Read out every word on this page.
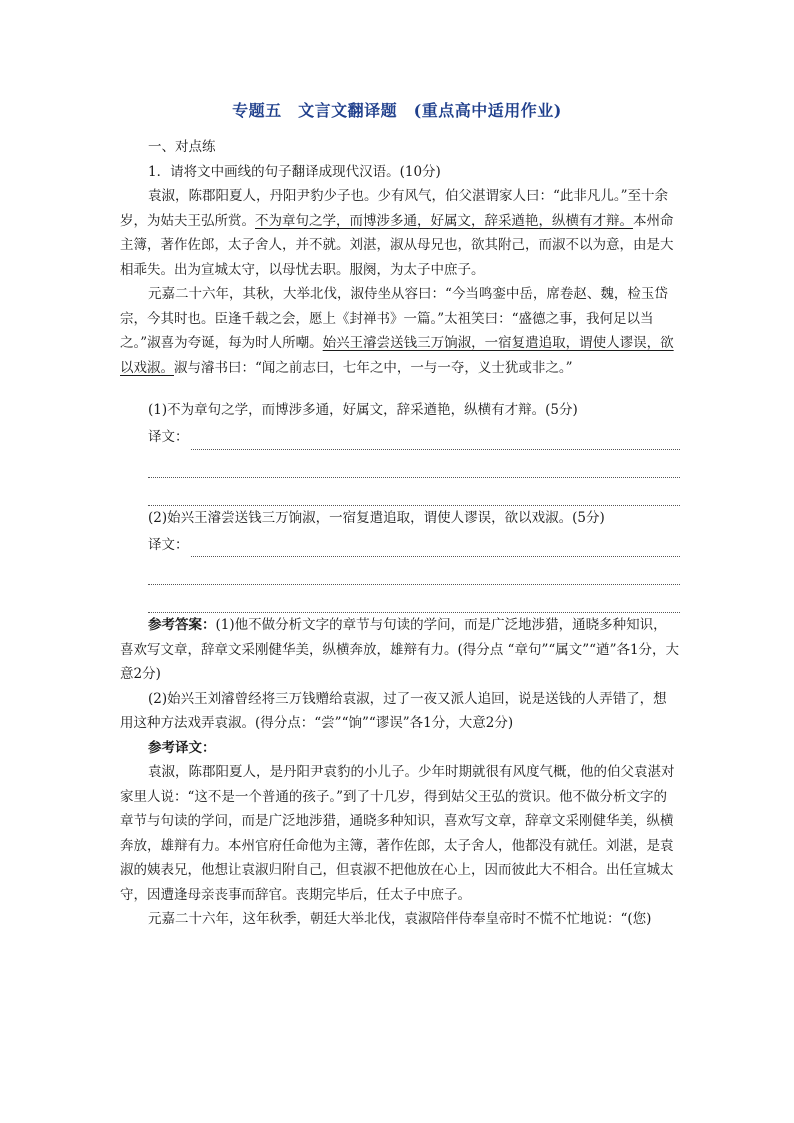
专题五　文言文翻译题　(重点高中适用作业)

一、对点练

1．请将文中画线的句子翻译成现代汉语。(10分)

袁淑，陈郡阳夏人，丹阳尹豹少子也。少有风气，伯父湛谓家人曰：“此非凡儿。”至十余岁，为姑夫王弘所赏。不为章句之学，而博涉多通，好属文，辞采遒艳，纵横有才辩。本州命主簿，著作佐郎，太子舍人，并不就。刘湛，淑从母兄也，欲其附己，而淑不以为意，由是大相乖失。出为宣城太守，以母忧去职。服阕，为太子中庶子。

元嘉二十六年，其秋，大举北伐，淑侍坐从容曰：“今当鸣銮中岳，席卷赵、魏，检玉岱宗，今其时也。臣逢千载之会，愿上《封禅书》一篇。”太祖笑曰：“盛德之事，我何足以当之。”淑喜为夸诞，每为时人所嘲。始兴王濬尝送钱三万饷淑，一宿复遣追取，谓使人谬误，欲以戏淑。淑与濬书曰：“闻之前志曰，七年之中，一与一夺，义士犹或非之。”

(1)不为章句之学，而博涉多通，好属文，辞采遒艳，纵横有才辩。(5分)

译文：

(2)始兴王濬尝送钱三万饷淑，一宿复遣追取，谓使人谬误，欲以戏淑。(5分)

译文：

参考答案：(1)他不做分析文字的章节与句读的学问，而是广泛地涉猎，通晓多种知识，喜欢写文章，辞章文采刚健华美，纵横奔放，雄辩有力。(得分点 “章句”“属文”“遒”各1分，大意2分)

(2)始兴王刘濬曾经将三万钱赠给袁淑，过了一夜又派人追回，说是送钱的人弄错了，想用这种方法戏弄袁淑。(得分点：“尝”“饷”“谬误”各1分，大意2分)

参考译文：

袁淑，陈郡阳夏人，是丹阳尹袁豹的小儿子。少年时期就很有风度气概，他的伯父袁湛对家里人说：“这不是一个普通的孩子。”到了十几岁，得到姑父王弘的赏识。他不做分析文字的章节与句读的学问，而是广泛地涉猎，通晓多种知识，喜欢写文章，辞章文采刚健华美，纵横奔放，雄辩有力。本州官府任命他为主簿，著作佐郎，太子舍人，他都没有就任。刘湛，是袁淑的姨表兄，他想让袁淑归附自己，但袁淑不把他放在心上，因而彼此大不相合。出任宣城太守，因遭逢母亲丧事而辞官。丧期完毕后，任太子中庶子。

元嘉二十六年，这年秋季，朝廷大举北伐，袁淑陪伴侍奉皇帝时不慌不忙地说：“(您)
